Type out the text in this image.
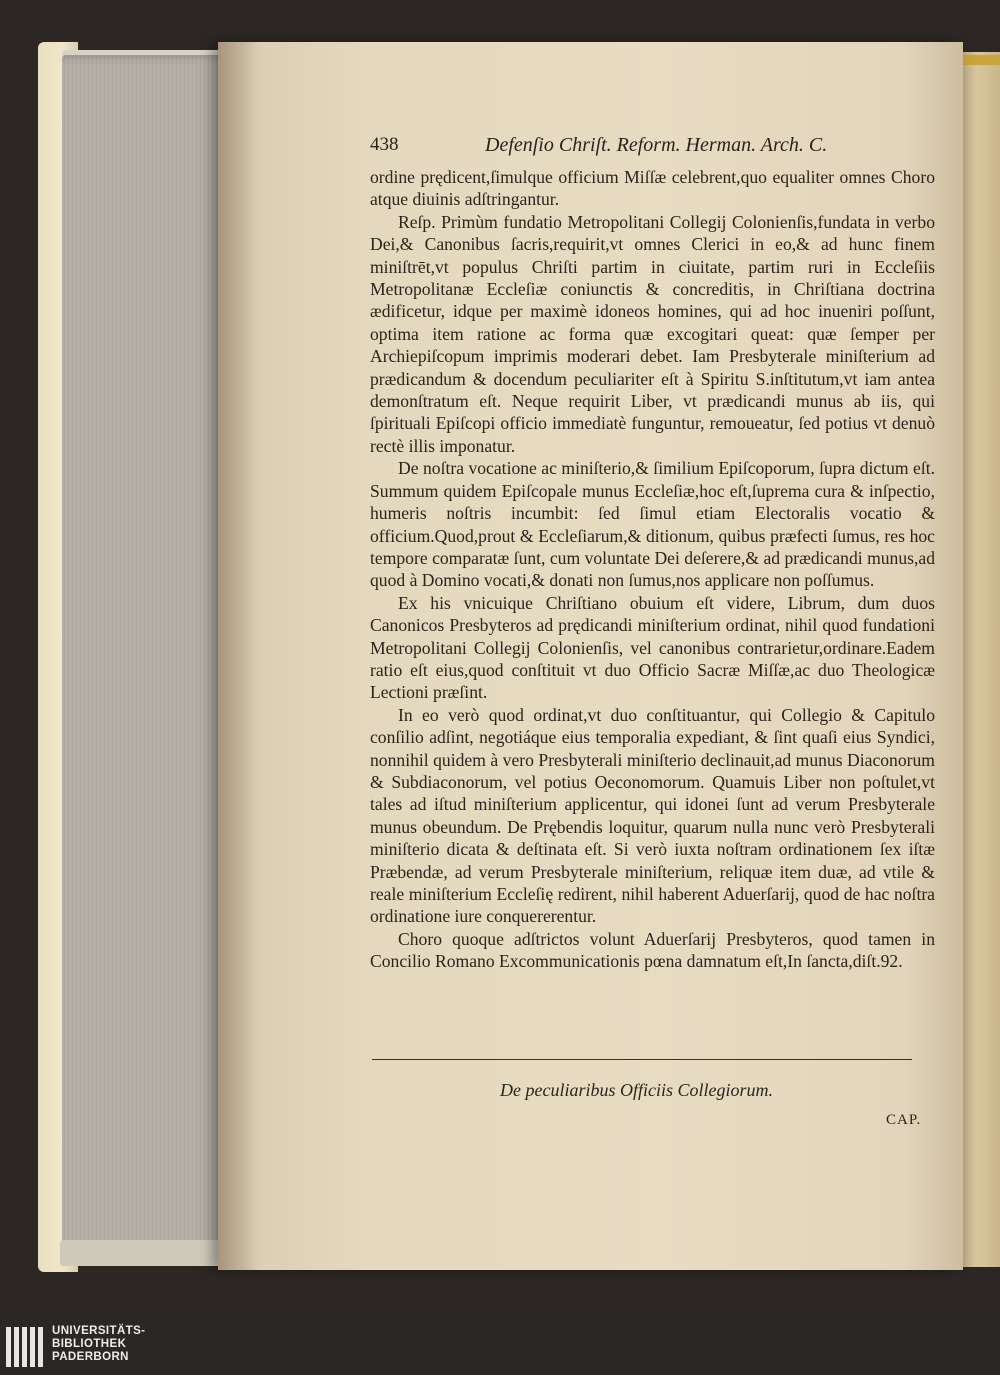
438	Defenſio Chriſt. Reform. Herman. Arch. C.

ordine prędicent,ſimulque officium Miſſæ celebrent,quo equaliter omnes Choro atque diuinis adſtringantur.

Reſp. Primùm fundatio Metropolitani Collegij Colonienſis,fundata in verbo Dei,& Canonibus ſacris,requirit,vt omnes Clerici in eo,& ad hunc finem miniſtrēt,vt populus Chriſti partim in ciuitate, partim ruri in Eccleſiis Metropolitanæ Eccleſiæ coniunctis & concreditis, in Chriſtiana doctrina ædificetur, idque per maximè idoneos homines, qui ad hoc inueniri poſſunt, optima item ratione ac forma quæ excogitari queat: quæ ſemper per Archiepiſcopum imprimis moderari debet. Iam Presbyterale miniſterium ad prædicandum & docendum peculiariter eſt à Spiritu S.inſtitutum,vt iam antea demonſtratum eſt. Neque requirit Liber, vt prædicandi munus ab iis, qui ſpirituali Epiſcopi officio immediatè funguntur, remoueatur, ſed potius vt denuò rectè illis imponatur.

De noſtra vocatione ac miniſterio,& ſimilium Epiſcoporum, ſupra dictum eſt. Summum quidem Epiſcopale munus Eccleſiæ,hoc eſt,ſuprema cura & inſpectio, humeris noſtris incumbit: ſed ſimul etiam Electoralis vocatio & officium.Quod,prout & Eccleſiarum,& ditionum, quibus præfecti ſumus, res hoc tempore comparatæ ſunt, cum voluntate Dei deſerere,& ad prædicandi munus,ad quod à Domino vocati,& donati non ſumus,nos applicare non poſſumus.

Ex his vnicuique Chriſtiano obuium eſt videre, Librum, dum duos Canonicos Presbyteros ad prędicandi miniſterium ordinat, nihil quod fundationi Metropolitani Collegij Colonienſis, vel canonibus contrarietur,ordinare.Eadem ratio eſt eius,quod conſtituit vt duo Officio Sacræ Miſſæ,ac duo Theologicæ Lectioni præſint.

In eo verò quod ordinat,vt duo conſtituantur, qui Collegio & Capitulo conſilio adſint, negotiáque eius temporalia expediant, & ſint quaſi eius Syndici, nonnihil quidem à vero Presbyterali miniſterio declinauit,ad munus Diaconorum & Subdiaconorum, vel potius Oeconomorum. Quamuis Liber non poſtulet,vt tales ad iſtud miniſterium applicentur, qui idonei ſunt ad verum Presbyterale munus obeundum. De Prębendis loquitur, quarum nulla nunc verò Presbyterali miniſterio dicata & deſtinata eſt. Si verò iuxta noſtram ordinationem ſex iſtæ Præbendæ, ad verum Presbyterale miniſterium, reliquæ item duæ, ad vtile & reale miniſterium Eccleſię redirent, nihil haberent Aduerſarij, quod de hac noſtra ordinatione iure conquererentur.

Choro quoque adſtrictos volunt Aduerſarij Presbyteros, quod tamen in Concilio Romano Excommunicationis pœna damnatum eſt,In ſancta,diſt.92.

De peculiaribus Officiis Collegiorum.
CAP.
UNIVERSITÄTS-
BIBLIOTHEK
PADERBORN
